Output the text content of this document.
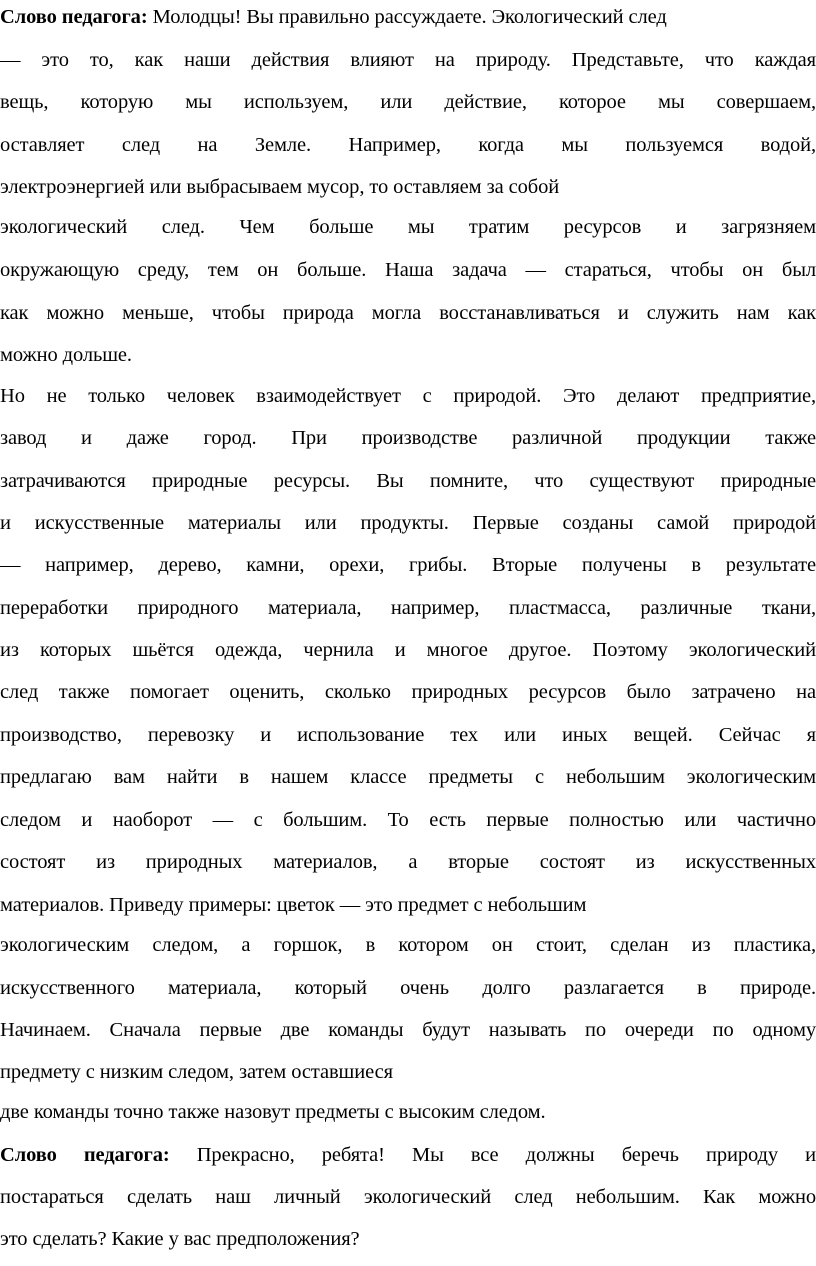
Слово педагога: Молодцы! Вы правильно рассуждаете. Экологический след
— это то, как наши действия влияют на природу. Представьте, что каждая
вещь, которую мы используем, или действие, которое мы совершаем,
оставляет след на Земле. Например, когда мы пользуемся водой,
электроэнергией или выбрасываем мусор, то оставляем за собой
экологический след. Чем больше мы тратим ресурсов и загрязняем
окружающую среду, тем он больше. Наша задача — стараться, чтобы он был
как можно меньше, чтобы природа могла восстанавливаться и служить нам как
можно дольше.
Но не только человек взаимодействует с природой. Это делают предприятие,
завод и даже город. При производстве различной продукции также
затрачиваются природные ресурсы. Вы помните, что существуют природные
и искусственные материалы или продукты. Первые созданы самой природой
— например, дерево, камни, орехи, грибы. Вторые получены в результате
переработки природного материала, например, пластмасса, различные ткани,
из которых шьётся одежда, чернила и многое другое. Поэтому экологический
след также помогает оценить, сколько природных ресурсов было затрачено на
производство, перевозку и использование тех или иных вещей. Сейчас я
предлагаю вам найти в нашем классе предметы с небольшим экологическим
следом и наоборот — с большим. То есть первые полностью или частично
состоят из природных материалов, а вторые состоят из искусственных
материалов. Приведу примеры: цветок — это предмет с небольшим
экологическим следом, а горшок, в котором он стоит, сделан из пластика,
искусственного материала, который очень долго разлагается в природе.
Начинаем. Сначала первые две команды будут называть по очереди по одному
предмету с низким следом, затем оставшиеся
две команды точно также назовут предметы с высоким следом.
Слово педагога: Прекрасно, ребята! Мы все должны беречь природу и
постараться сделать наш личный экологический след небольшим. Как можно
это сделать? Какие у вас предположения?
